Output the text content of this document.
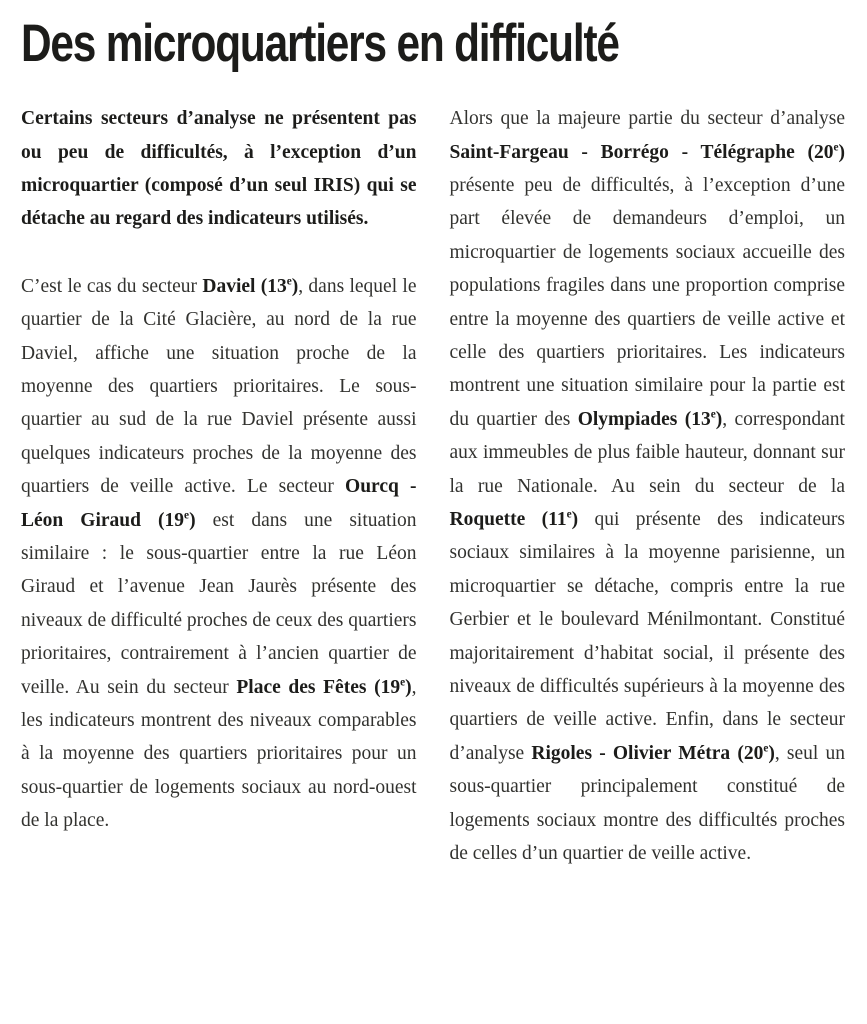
Des microquartiers en difficulté

Certains secteurs d’analyse ne présentent pas ou peu de difficultés, à l’exception d’un microquartier (composé d’un seul IRIS) qui se détache au regard des indicateurs utilisés.

C’est le cas du secteur Daviel (13e), dans lequel le quartier de la Cité Glacière, au nord de la rue Daviel, affiche une situation proche de la moyenne des quartiers prioritaires. Le sous-quartier au sud de la rue Daviel présente aussi quelques indicateurs proches de la moyenne des quartiers de veille active. Le secteur Ourcq - Léon Giraud (19e) est dans une situation similaire : le sous-quartier entre la rue Léon Giraud et l’avenue Jean Jaurès présente des niveaux de difficulté proches de ceux des quartiers prioritaires, contrairement à l’ancien quartier de veille. Au sein du secteur Place des Fêtes (19e), les indicateurs montrent des niveaux comparables à la moyenne des quartiers prioritaires pour un sous-quartier de logements sociaux au nord-ouest de la place.

Alors que la majeure partie du secteur d’analyse Saint-Fargeau - Borrégo - Télégraphe (20e) présente peu de difficultés, à l’exception d’une part élevée de demandeurs d’emploi, un microquartier de logements sociaux accueille des populations fragiles dans une proportion comprise entre la moyenne des quartiers de veille active et celle des quartiers prioritaires. Les indicateurs montrent une situation similaire pour la partie est du quartier des Olympiades (13e), correspondant aux immeubles de plus faible hauteur, donnant sur la rue Nationale. Au sein du secteur de la Roquette (11e) qui présente des indicateurs sociaux similaires à la moyenne parisienne, un microquartier se détache, compris entre la rue Gerbier et le boulevard Ménilmontant. Constitué majoritairement d’habitat social, il présente des niveaux de difficultés supérieurs à la moyenne des quartiers de veille active. Enfin, dans le secteur d’analyse Rigoles - Olivier Métra (20e), seul un sous-quartier principalement constitué de logements sociaux montre des difficultés proches de celles d’un quartier de veille active.
